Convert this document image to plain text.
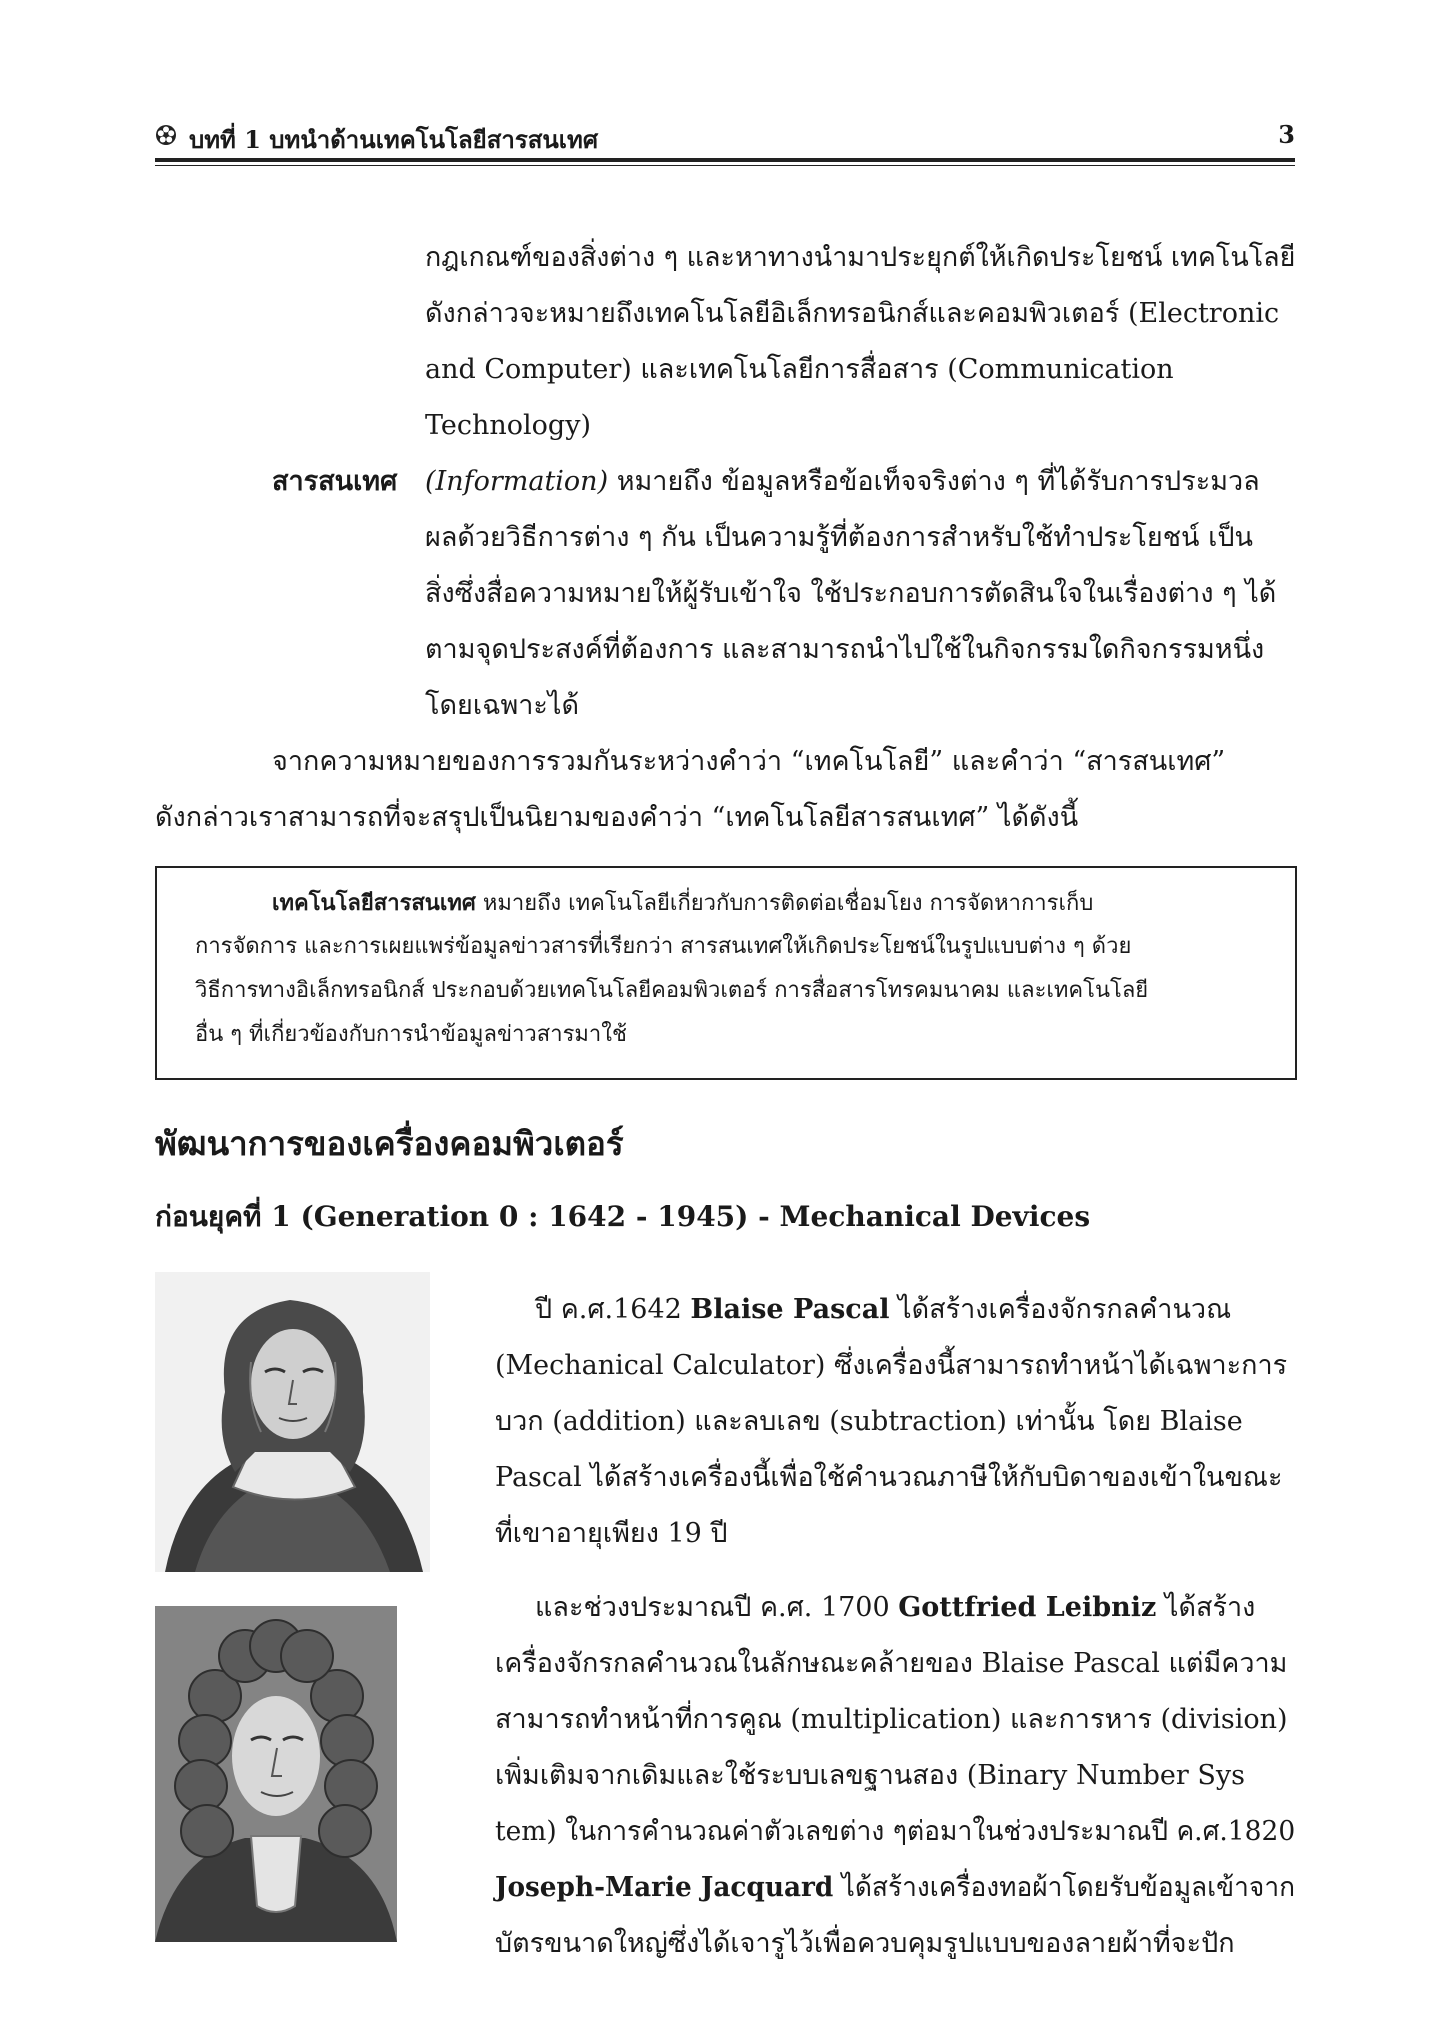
บทที่ 1 บทนำด้านเทคโนโลยีสารสนเทศ	3
กฎเกณฑ์ของสิ่งต่าง ๆ และหาทางนำมาประยุกต์ให้เกิดประโยชน์ เทคโนโลยี
ดังกล่าวจะหมายถึงเทคโนโลยีอิเล็กทรอนิกส์และคอมพิวเตอร์ (Electronic
and Computer) และเทคโนโลยีการสื่อสาร (Communication
Technology)
สารสนเทศ (Information) หมายถึง ข้อมูลหรือข้อเท็จจริงต่าง ๆ ที่ได้รับการประมวล
ผลด้วยวิธีการต่าง ๆ กัน เป็นความรู้ที่ต้องการสำหรับใช้ทำประโยชน์ เป็น
สิ่งซึ่งสื่อความหมายให้ผู้รับเข้าใจ ใช้ประกอบการตัดสินใจในเรื่องต่าง ๆ ได้
ตามจุดประสงค์ที่ต้องการ และสามารถนำไปใช้ในกิจกรรมใดกิจกรรมหนึ่ง
โดยเฉพาะได้
จากความหมายของการรวมกันระหว่างคำว่า “เทคโนโลยี” และคำว่า “สารสนเทศ”
ดังกล่าวเราสามารถที่จะสรุปเป็นนิยามของคำว่า “เทคโนโลยีสารสนเทศ” ได้ดังนี้
เทคโนโลยีสารสนเทศ หมายถึง เทคโนโลยีเกี่ยวกับการติดต่อเชื่อมโยง การจัดหาการเก็บ
การจัดการ และการเผยแพร่ข้อมูลข่าวสารที่เรียกว่า สารสนเทศให้เกิดประโยชน์ในรูปแบบต่าง ๆ ด้วย
วิธีการทางอิเล็กทรอนิกส์ ประกอบด้วยเทคโนโลยีคอมพิวเตอร์ การสื่อสารโทรคมนาคม และเทคโนโลยี
อื่น ๆ ที่เกี่ยวข้องกับการนำข้อมูลข่าวสารมาใช้
พัฒนาการของเครื่องคอมพิวเตอร์
ก่อนยุคที่ 1 (Generation 0 : 1642 - 1945) - Mechanical Devices
ปี ค.ศ.1642 Blaise Pascal ได้สร้างเครื่องจักรกลคำนวณ
(Mechanical Calculator) ซึ่งเครื่องนี้สามารถทำหน้าได้เฉพาะการ
บวก (addition) และลบเลข (subtraction) เท่านั้น โดย Blaise
Pascal ได้สร้างเครื่องนี้เพื่อใช้คำนวณภาษีให้กับบิดาของเข้าในขณะ
ที่เขาอายุเพียง 19 ปี
และช่วงประมาณปี ค.ศ. 1700 Gottfried Leibniz ได้สร้าง
เครื่องจักรกลคำนวณในลักษณะคล้ายของ Blaise Pascal แต่มีความ
สามารถทำหน้าที่การคูณ (multiplication) และการหาร (division)
เพิ่มเติมจากเดิมและใช้ระบบเลขฐานสอง (Binary Number Sys
tem) ในการคำนวณค่าตัวเลขต่าง ๆต่อมาในช่วงประมาณปี ค.ศ.1820
Joseph-Marie Jacquard ได้สร้างเครื่องทอผ้าโดยรับข้อมูลเข้าจาก
บัตรขนาดใหญ่ซึ่งได้เจารูไว้เพื่อควบคุมรูปแบบของลายผ้าที่จะปัก
